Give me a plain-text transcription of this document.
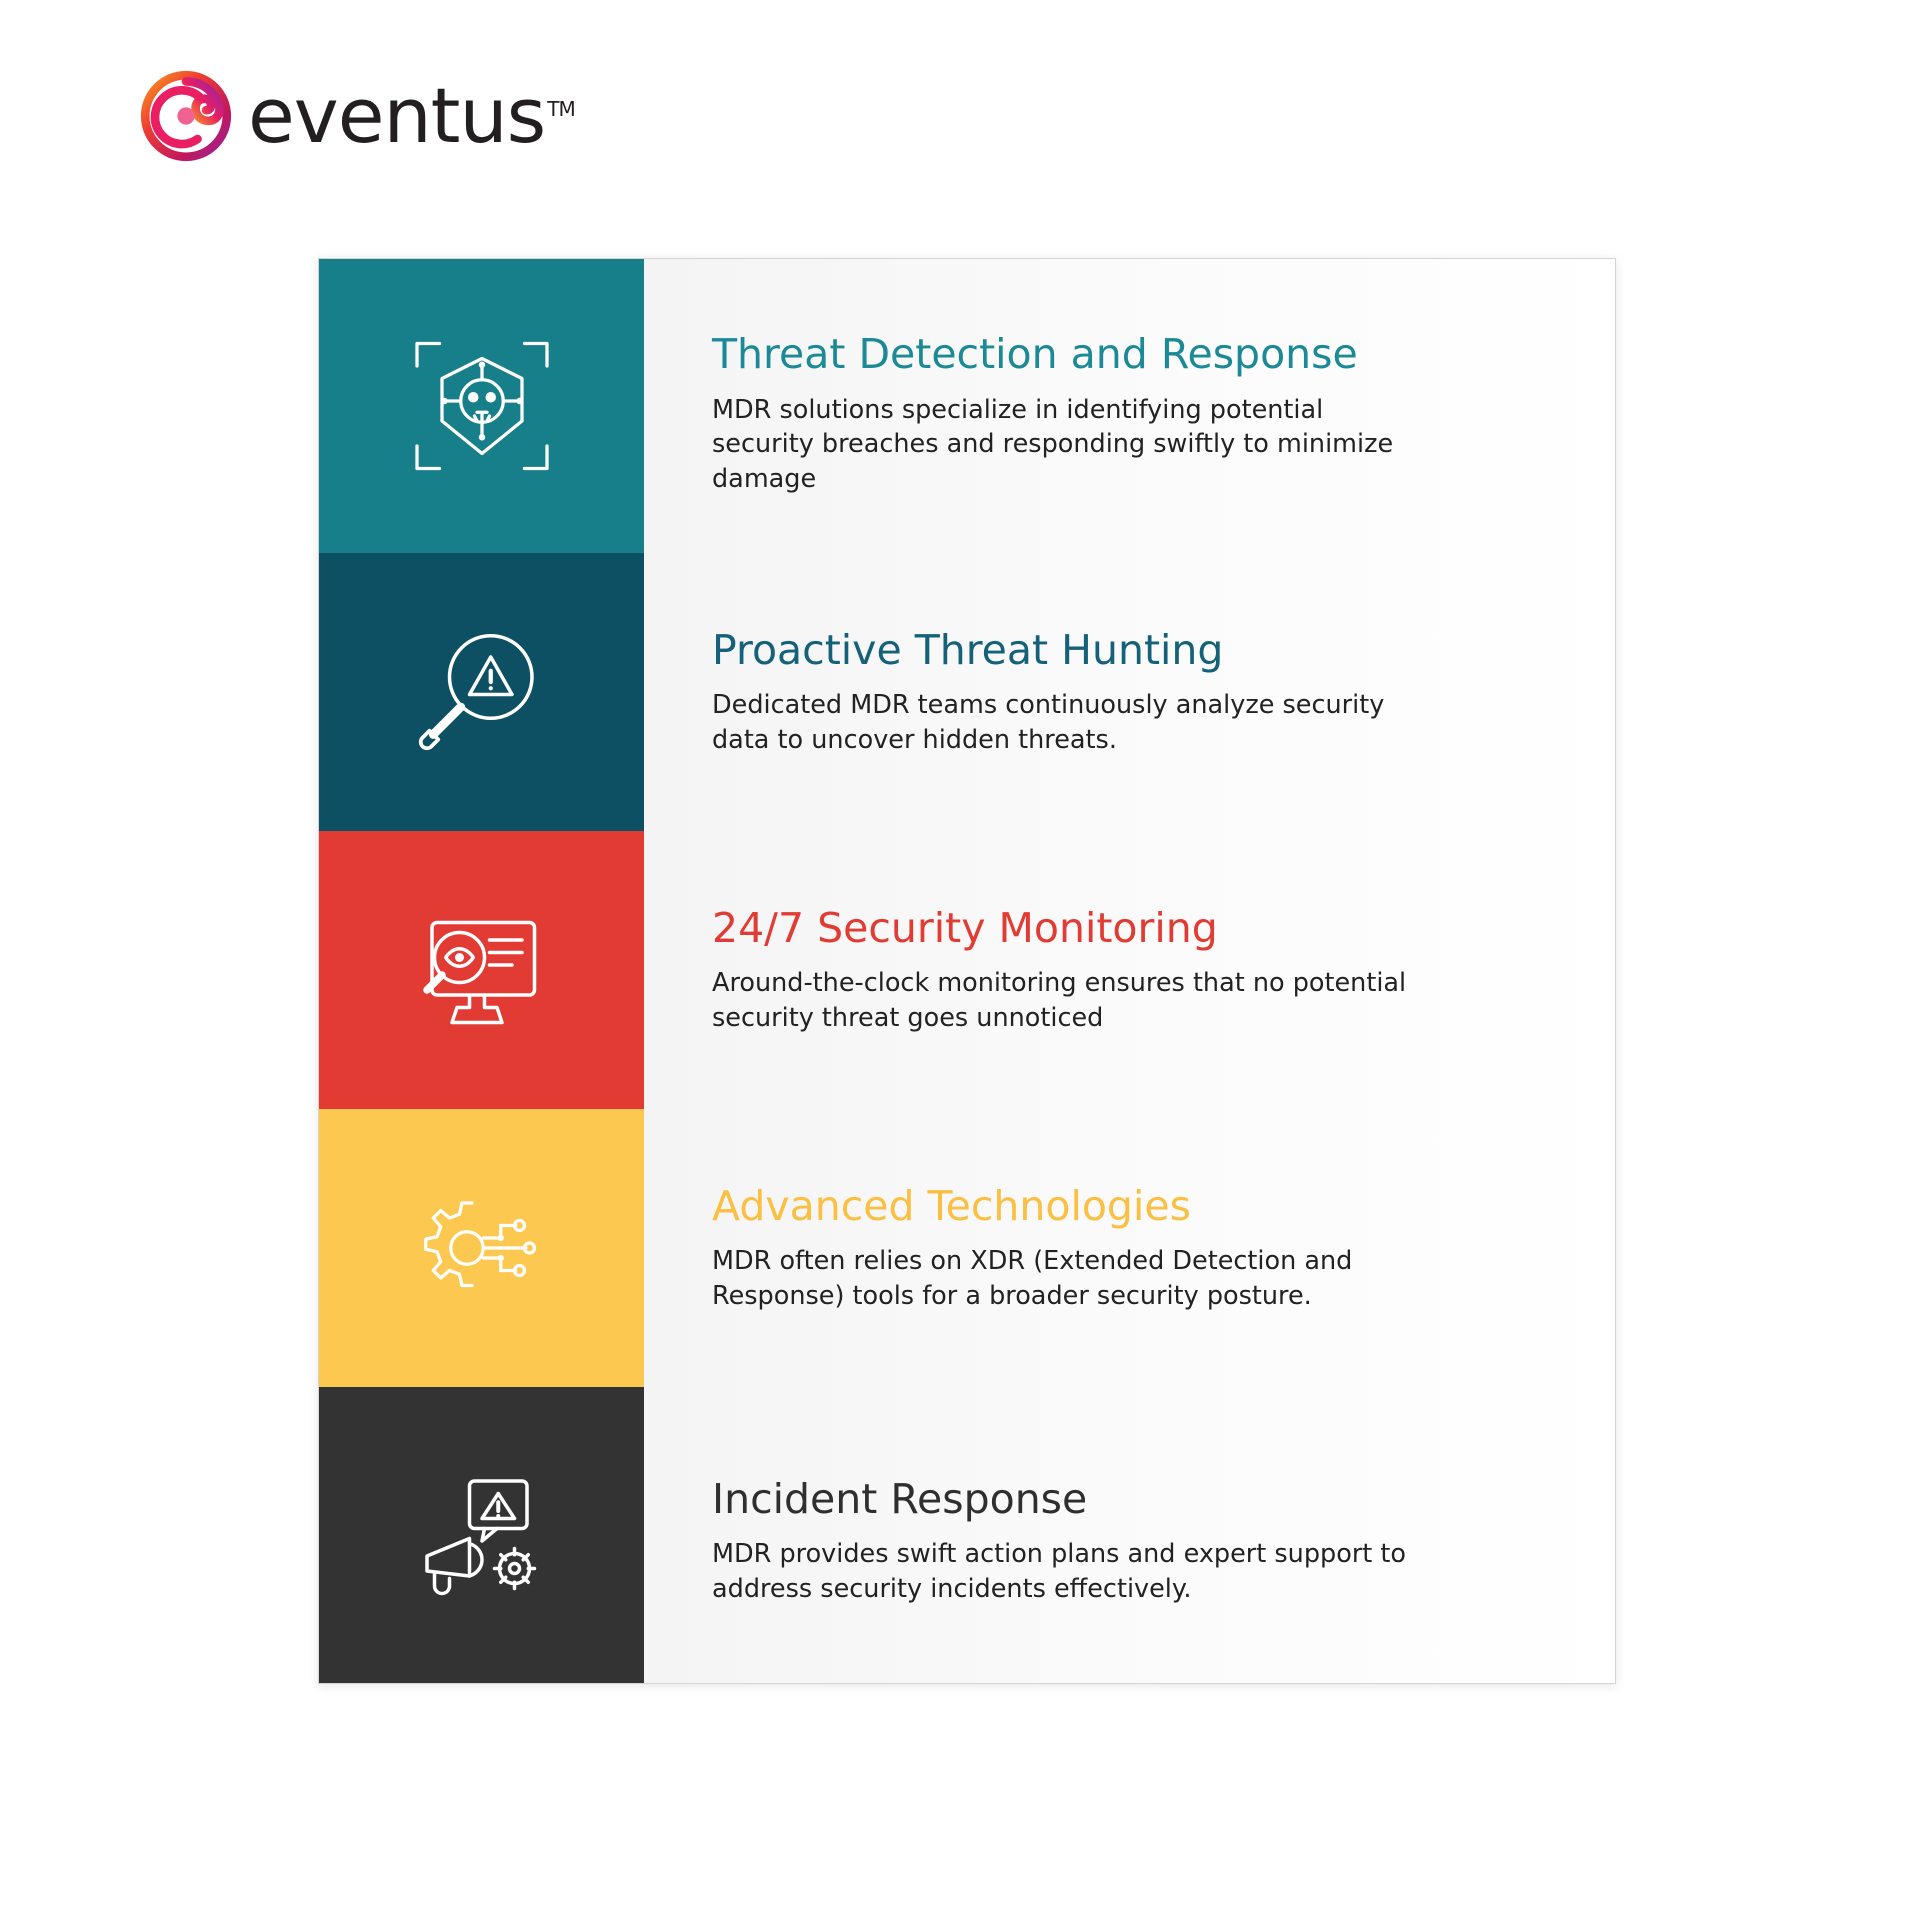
eventus ™
Threat Detection and Response

MDR solutions specialize in identifying potential security breaches and responding swiftly to minimize damage

Proactive Threat Hunting

Dedicated MDR teams continuously analyze security data to uncover hidden threats.

24/7 Security Monitoring

Around-the-clock monitoring ensures that no potential security threat goes unnoticed

Advanced Technologies

MDR often relies on XDR (Extended Detection and Response) tools for a broader security posture.

Incident Response

MDR provides swift action plans and expert support to address security incidents effectively.
